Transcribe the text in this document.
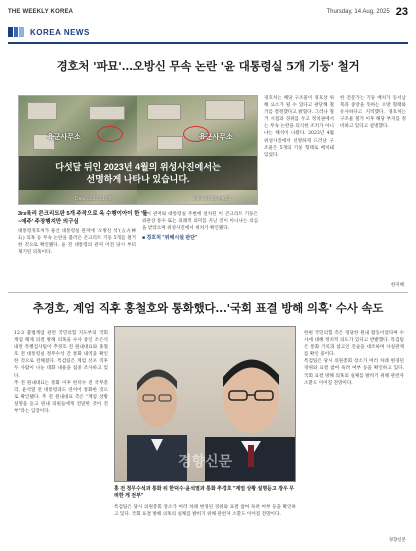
THE WEEKLY KOREA	Thursday, 14 Aug, 2025 23
KOREA NEWS
경호처 '파묘'…오방신 무속 논란 '윤 대통령실 5개 기둥' 철거
육군사무소
Date:2022/11/05
육군사무소
Date:2023/04/19
다섯달 뒤인 2023년 4월의 위성사진에서는
선명하게 나타나 있습니다.
3rs육리 콘크리트판 5개 주작으로 옥 수행이아이 한 '둘~에주' 주장행지만 의구심

대통령경호처가 용산 대통령실 관저에 '오방신 석'(五方神 石) 의혹 등 무속 논란을 불러온 콘크리트 기둥 5개를 철거한 것으로 확인됐다. 윤 전 대통령의 관저 이전 당시 부터 제기된 의혹이다.

당시 관저와 대통령실 주변에 설치된 이 콘크리트 기둥은 외관상 풍수 또는 의례적 의미를 지닌 것이 아니냐는 의심을 받았으며 위성사진에서 위치가 확인됐다.

■ 경호처 "위해시설 판단"

경호처는 해당 구조물이 경호상 위해 요소가 될 수 있다고 판단해 철거를 결정했다고 밝혔다. 그러나 철거 시점과 경위를 두고 정치권에서는 무속 논란을 의식한 조치가 아니냐는 해석이 나왔다. 2023년 4월 위성사진에서 선명하게 드러난 구조물은 5개의 기둥 형태로 배치돼 있었다.

한 전문가는 기둥 배치가 동서남북과 중앙을 뜻하는 오방 형태와 유사하다고 지적했다. 경호처는 구조물 철거 이후 해당 부지를 정비하고 있다고 설명했다.

한지혜
추경호, 계엄 직후 홍철호와 통화했다…'국회 표결 방해 의혹' 수사 속도

12·3 불법계엄 관련 국민의힘 지도부의 국회 계엄 해제 의결 방해 의혹을 수사 중인 조은석 내란 특별검사팀이 추경호 전 원내대표와 홍철호 전 대통령실 정무수석 간 통화 내역을 확인한 것으로 전해졌다. 특검팀은 계엄 선포 직후 두 사람이 나눈 대화 내용을 집중 조사하고 있다.

추 전 원내대표는 통화 이후 한덕수 전 국무총리, 윤석열 전 대통령과도 연이어 통화한 것으로 확인됐다. 추 전 원내대표 측은 "계엄 상황 설명을 듣고 원내 의원들에게 전달한 것이 전부"라는 입장이다.

경향신문
홍 전 정무수석과 통화 뒤 한덕수·윤석열과 통화 추경호 "계엄 상황 설명듣고 장우 무려한 게 전부"

특검팀은 당시 의원총회 장소가 여러 차례 변경된 경위와 표결 참여 독려 여부 등을 확인하고 있다. 국회 표결 방해 의혹의 실체를 밝히기 위해 관련자 소환도 이어질 전망이다.

한편 국민의힘 측은 정당한 원내 활동이었다며 수사에 대해 정치적 의도가 있다고 반발했다. 특검팀은 통화 기록과 참고인 진술을 대조하며 사실관계를 확인 중이다.

특검팀은 당시 의원총회 장소가 여러 차례 변경된 경위와 표결 참여 독려 여부 등을 확인하고 있다. 국회 표결 방해 의혹의 실체를 밝히기 위해 관련자 소환도 이어질 전망이다.

경향신문
